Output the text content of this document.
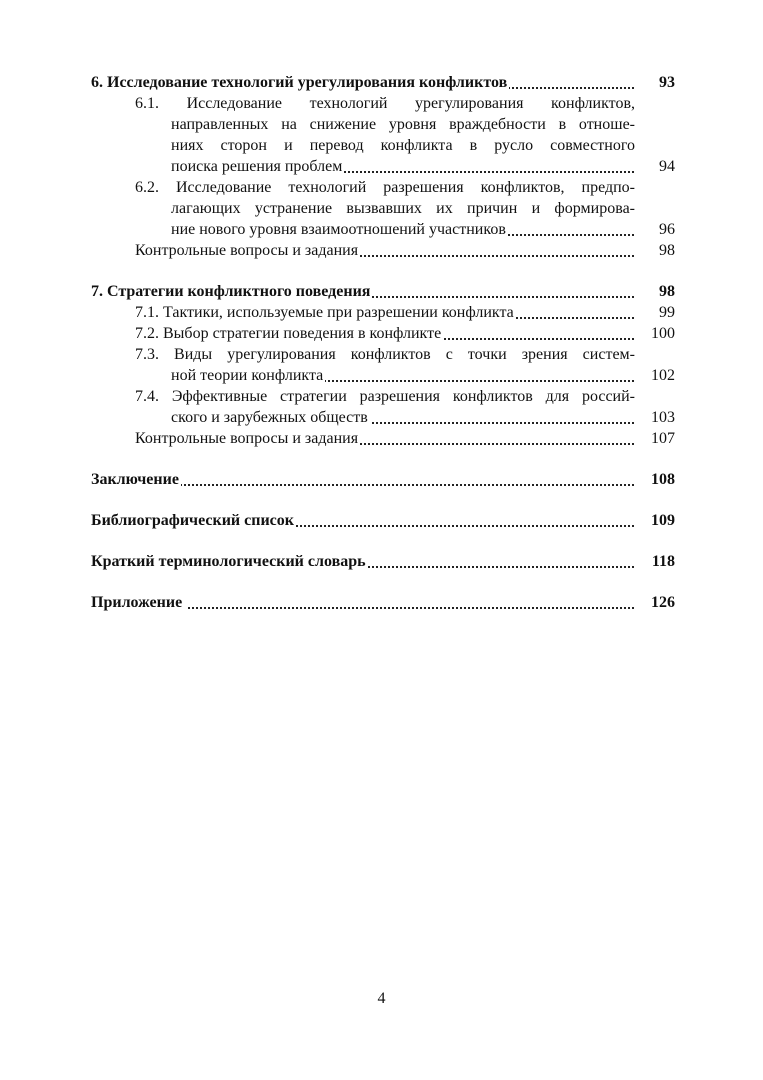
6. Исследование технологий урегулирования конфликтов	93
6.1. Исследование технологий урегулирования конфликтов,
направленных на снижение уровня враждебности в отноше-
ниях сторон и перевод конфликта в русло совместного
поиска решения проблем	94
6.2. Исследование технологий разрешения конфликтов, предпо-
лагающих устранение вызвавших их причин и формирова-
ние нового уровня взаимоотношений участников	96
Контрольные вопросы и задания	98
7. Стратегии конфликтного поведения	98
7.1. Тактики, используемые при разрешении конфликта	99
7.2. Выбор стратегии поведения в конфликте	100
7.3. Виды урегулирования конфликтов с точки зрения систем-
ной теории конфликта	102
7.4. Эффективные стратегии разрешения конфликтов для россий-
ского и зарубежных обществ	103
Контрольные вопросы и задания	107
Заключение	108
Библиографический список	109
Краткий терминологический словарь	118
Приложение	126
4
